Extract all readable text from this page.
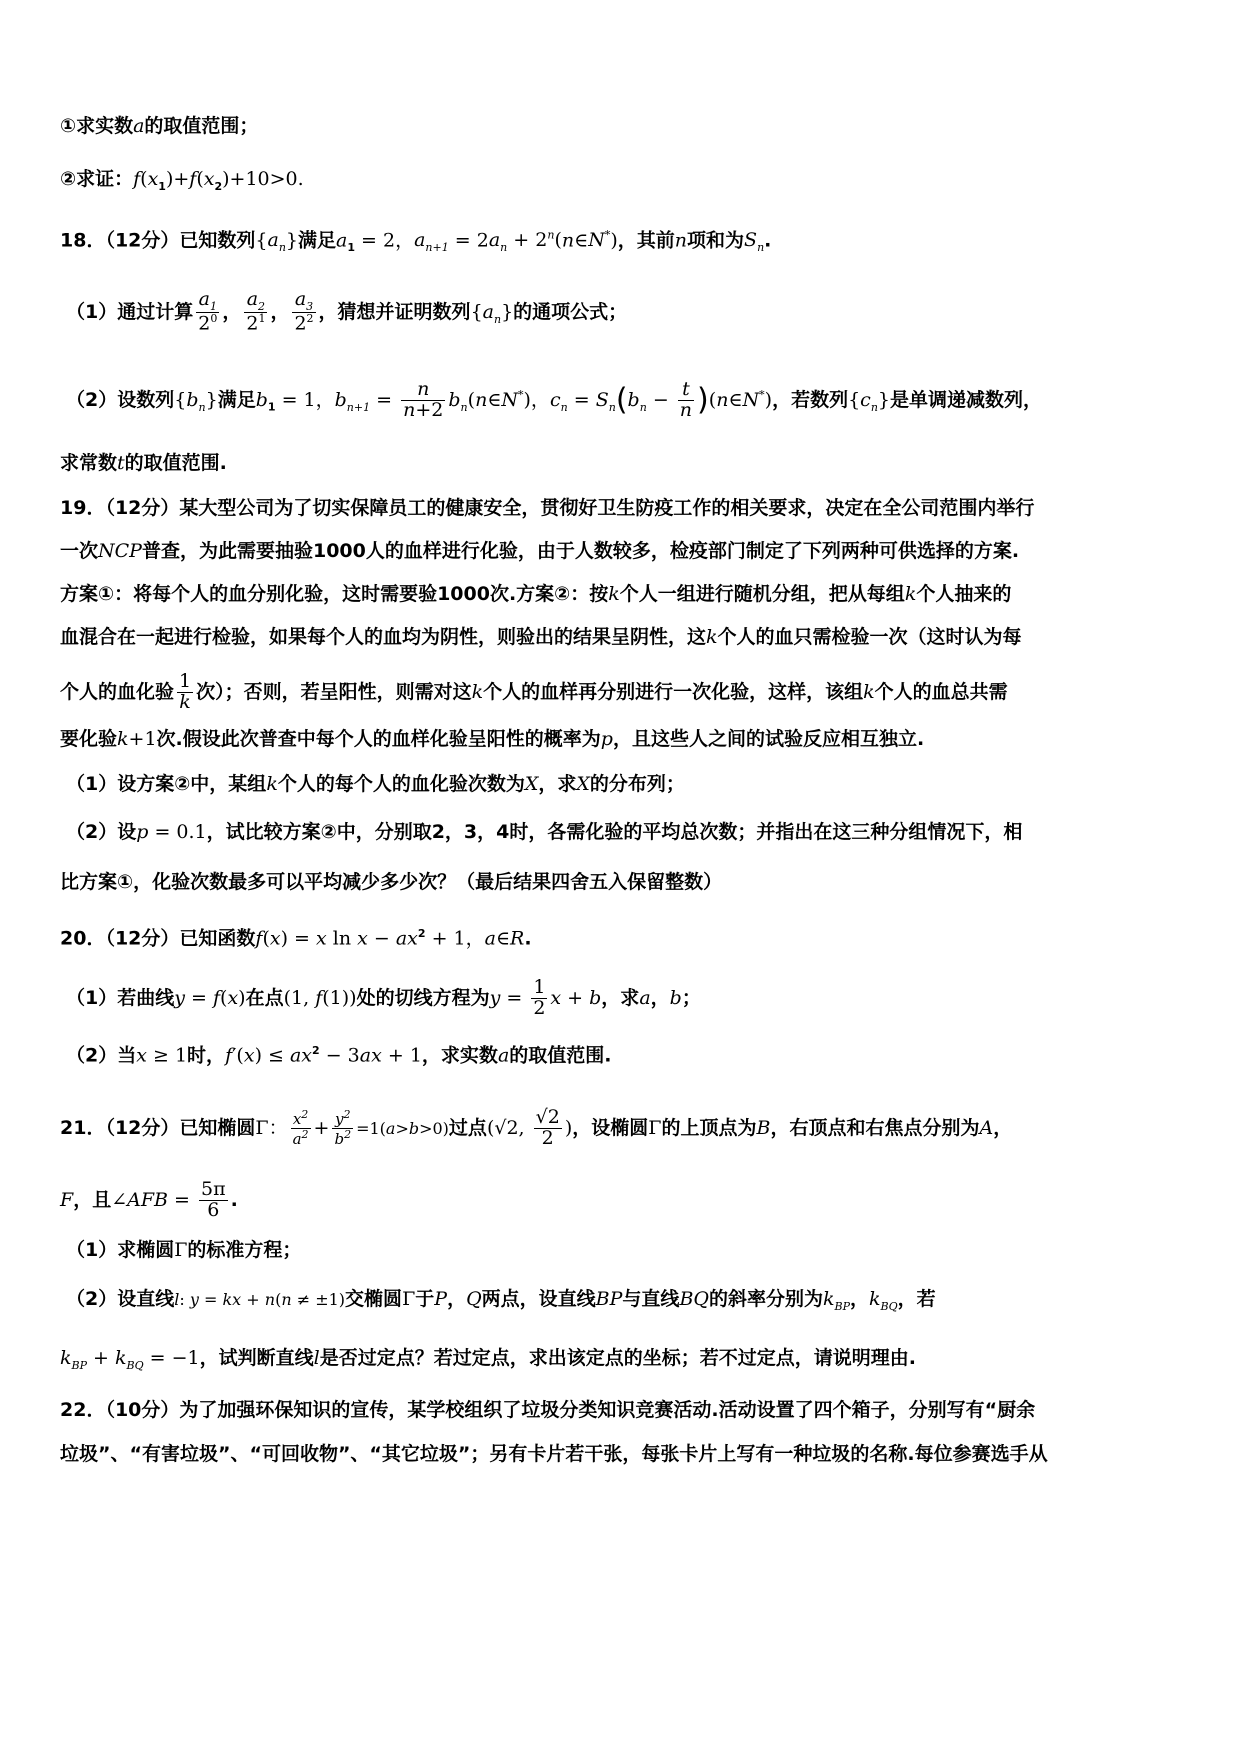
①求实数a的取值范围；
②求证：$f(x_1)+f(x_2)+10>0$.
18．（12分）已知数列$\{a_n\}$满足$a_1 = 2$，$a_{n+1} = 2a_n$ + $2^n(n\in N^*)$，其前n项和为$S_n$.
（1）通过计算 $\frac{a_1}{2^0}$ ， $\frac{a_2}{2^1}$ ， $\frac{a_3}{2^2}$ ，猜想并证明数列$\{a_n\}$的通项公式；
（2）设数列$\{b_n\}$满足$b_1 = 1$，$b_{n+1} = \frac{n}{n+2}$ $b_n(n\in N^*)$，$c_n = S_n(b_n - \frac{t}{n}$ )(n∈N*)，若数列$\{c_n\}$是单调递减数列，
求常数t的取值范围.
19．（12分）某大型公司为了切实保障员工的健康安全，贯彻好卫生防疫工作的相关要求，决定在全公司范围内举行
一次NCP普查，为此需要抽验1000人的血样进行化验，由于人数较多，检疫部门制定了下列两种可供选择的方案.
方案①：将每个人的血分别化验，这时需要验1000次.方案②：按k个人一组进行随机分组，把从每组k个人抽来的
血混合在一起进行检验，如果每个人的血均为阴性，则验出的结果呈阴性，这k个人的血只需检验一次（这时认为每
个人的血化验 $\frac{1}{k}$ 次）；否则，若呈阳性，则需对这k个人的血样再分别进行一次化验，这样，该组k个人的血总共需
要化验k+1次.假设此次普查中每个人的血样化验呈阳性的概率为p，且这些人之间的试验反应相互独立.
（1）设方案②中，某组k个人的每个人的血化验次数为X，求X的分布列；
（2）设p = 0.1，试比较方案②中，分别取2，3，4时，各需化验的平均总次数；并指出在这三种分组情况下，相
比方案①，化验次数最多可以平均减少多少次？（最后结果四舍五入保留整数）
20．（12分）已知函数f(x) = x $\ln x - ax^2 + 1$，a∈R.
（1）若曲线y = f(x)在点(1, f(1))处的切线方程为$y = \frac{1}{2}$ x + b，求a，b；
（2）当x ≥ 1时，$f'(x) \le ax^2 - 3ax + 1$，求实数a的取值范围.
21．（12分）已知椭圆Γ： $\frac{x^2}{a^2} + \frac{y^2}{b^2} =1(a>b>0)$过点(√2, $\frac{√2}{2}$ )，设椭圆Γ的上顶点为B，右顶点和右焦点分别为A，
F，且∠AFB = $\frac{5\pi}{6}$ .
（1）求椭圆Γ的标准方程；
（2）设直线l: y = kx + n(n ≠ ±1)交椭圆Γ于P，Q两点，设直线BP与直线BQ的斜率分别为$k_{BP}$，$k_{BQ}$，若
$k_{BP} + k_{BQ} = -1$，试判断直线l是否过定点？若过定点，求出该定点的坐标；若不过定点，请说明理由.
22．（10分）为了加强环保知识的宣传，某学校组织了垃圾分类知识竞赛活动.活动设置了四个箱子，分别写有“厨余
垃圾”、“有害垃圾”、“可回收物”、“其它垃圾”；另有卡片若干张，每张卡片上写有一种垃圾的名称.每位参赛选手从
